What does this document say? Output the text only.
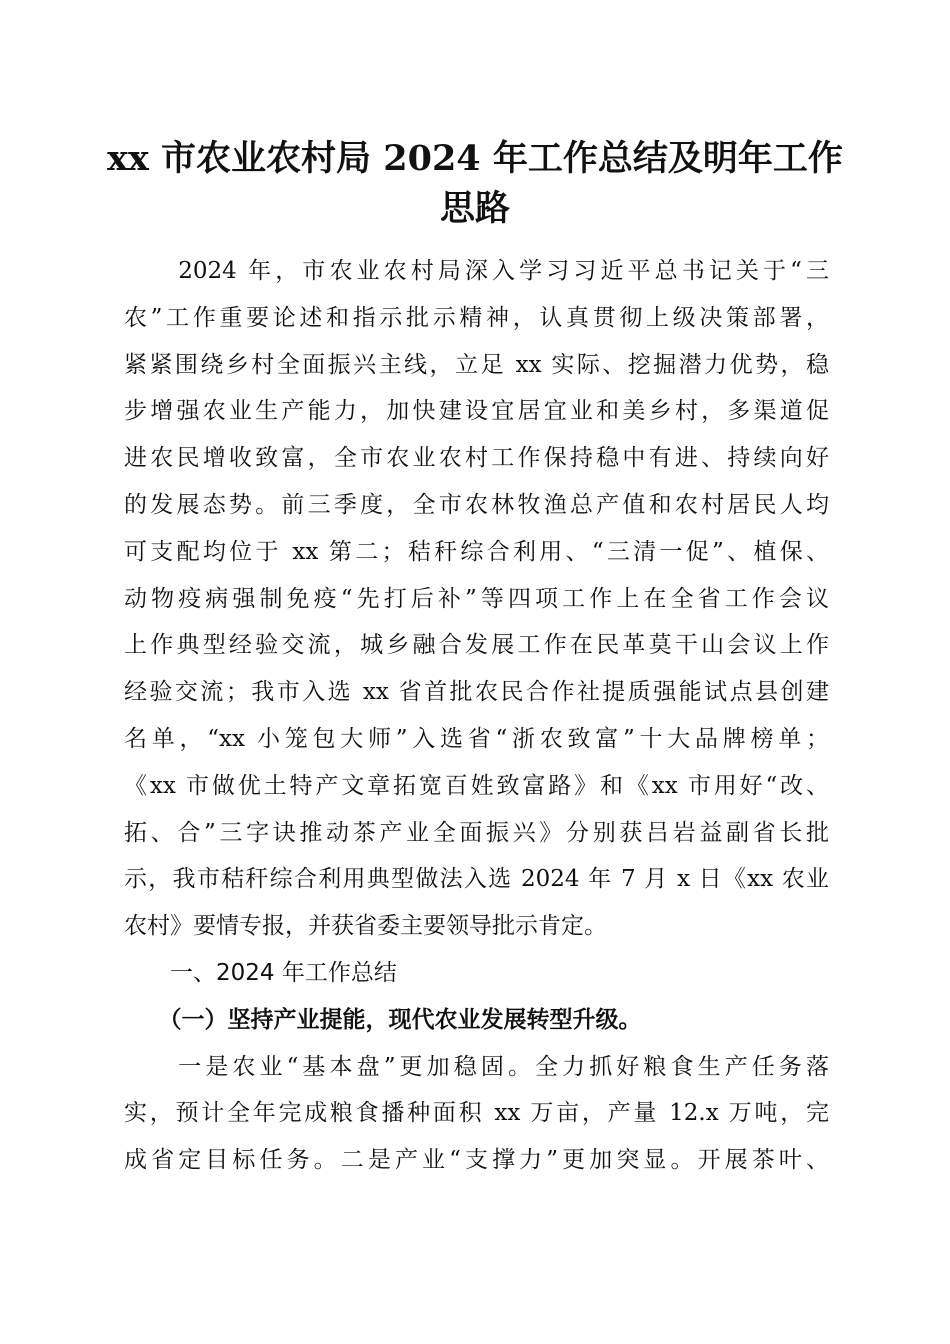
xx 市农业农村局 2024 年工作总结及明年工作
思路
　　2024 年，市农业农村局深入学习习近平总书记关于“三
农”工作重要论述和指示批示精神，认真贯彻上级决策部署，
紧紧围绕乡村全面振兴主线，立足 xx 实际、挖掘潜力优势，稳
步增强农业生产能力，加快建设宜居宜业和美乡村，多渠道促
进农民增收致富，全市农业农村工作保持稳中有进、持续向好
的发展态势。前三季度，全市农林牧渔总产值和农村居民人均
可支配均位于 xx 第二；秸秆综合利用、“三清一促”、植保、
动物疫病强制免疫“先打后补”等四项工作上在全省工作会议
上作典型经验交流，城乡融合发展工作在民革莫干山会议上作
经验交流；我市入选 xx 省首批农民合作社提质强能试点县创建
名单，“xx 小笼包大师”入选省“浙农致富”十大品牌榜单；
《xx 市做优土特产文章拓宽百姓致富路》和《xx 市用好“改、
拓、合”三字诀推动茶产业全面振兴》分别获吕岩益副省长批
示，我市秸秆综合利用典型做法入选 2024 年 7 月 x 日《xx 农业
农村》要情专报，并获省委主要领导批示肯定。
　　一、2024 年工作总结
　　（一）坚持产业提能，现代农业发展转型升级。
　　一是农业“基本盘”更加稳固。全力抓好粮食生产任务落
实，预计全年完成粮食播种面积 xx 万亩，产量 12.x 万吨，完
成省定目标任务。二是产业“支撑力”更加突显。开展茶叶、
